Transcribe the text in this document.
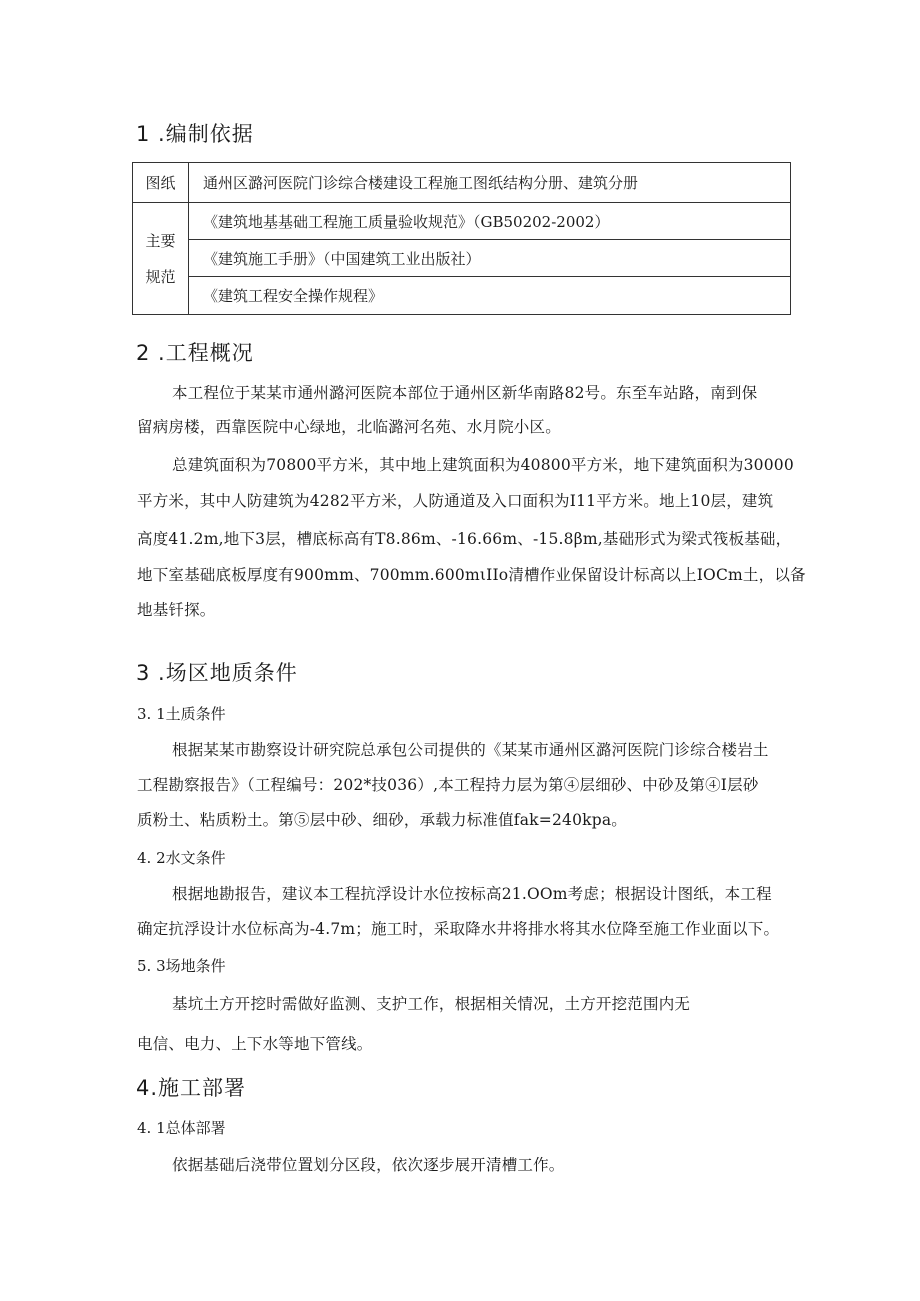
1 .编制依据
图纸	通州区潞河医院门诊综合楼建设工程施工图纸结构分册、建筑分册

主要
规范	《建筑地基基础工程施工质量验收规范》（GB50202-2002）
	《建筑施工手册》（中国建筑工业出版社）
	《建筑工程安全操作规程》
2 .工程概况
本工程位于某某市通州潞河医院本部位于通州区新华南路82号。东至车站路，南到保
留病房楼，西靠医院中心绿地，北临潞河名苑、水月院小区。
总建筑面积为70800平方米，其中地上建筑面积为40800平方米，地下建筑面积为30000
平方米，其中人防建筑为4282平方米，人防通道及入口面积为I11平方米。地上10层，建筑
高度41.2m,地下3层，槽底标高有T8.86m、-16.66m、-15.8βm,基础形式为梁式筏板基础，
地下室基础底板厚度有900mm、700mm.600mιIIo清槽作业保留设计标高以上IOCm土，以备
地基钎探。
3 .场区地质条件
3. 1土质条件
根据某某市勘察设计研究院总承包公司提供的《某某市通州区潞河医院门诊综合楼岩土
工程勘察报告》（工程编号：202*技036）,本工程持力层为第④层细砂、中砂及第④I层砂
质粉土、粘质粉土。第⑤层中砂、细砂，承载力标准值fak=240kpa。
4. 2水文条件
根据地勘报告，建议本工程抗浮设计水位按标高21.OOm考虑；根据设计图纸，本工程
确定抗浮设计水位标高为-4.7m；施工时，采取降水井将排水将其水位降至施工作业面以下。
5. 3场地条件
基坑土方开挖时需做好监测、支护工作，根据相关情况，土方开挖范围内无
电信、电力、上下水等地下管线。
4.施工部署
4. 1总体部署
依据基础后浇带位置划分区段，依次逐步展开清槽工作。
